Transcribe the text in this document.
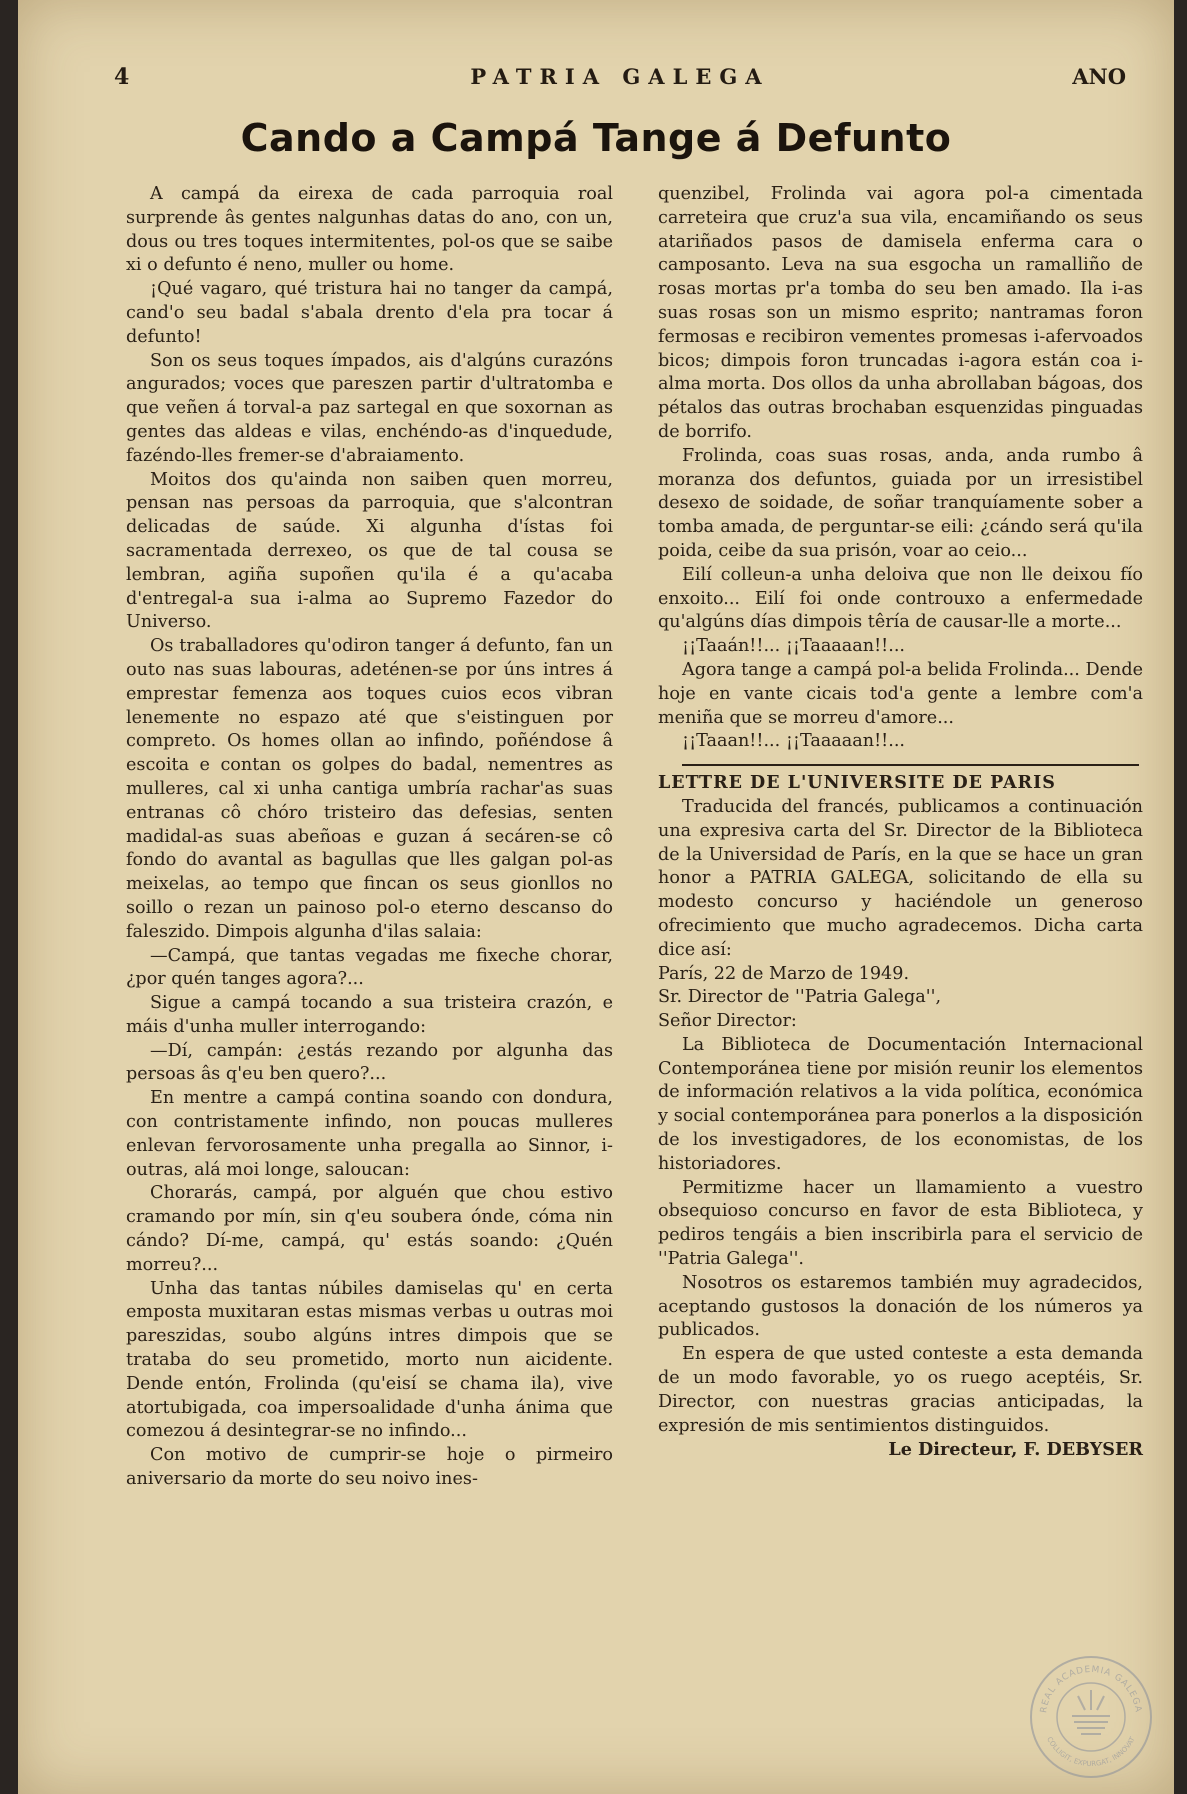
4	PATRIA GALEGA	ANO
Cando a Campá Tange á Defunto

A campá da eirexa de cada parroquia roal surprende âs gentes nalgunhas datas do ano, con un, dous ou tres toques intermitentes, pol-os que se saibe xi o defunto é neno, muller ou home.

¡Qué vagaro, qué tristura hai no tanger da campá, cand'o seu badal s'abala drento d'ela pra tocar á defunto!

Son os seus toques ímpados, ais d'algúns curazóns angurados; voces que pareszen partir d'ultratomba e que veñen á torval-a paz sartegal en que soxornan as gentes das aldeas e vilas, enchéndo-as d'inquedude, fazéndo-lles fremer-se d'abraiamento.

Moitos dos qu'ainda non saiben quen morreu, pensan nas persoas da parroquia, que s'alcontran delicadas de saúde. Xi algunha d'ístas foi sacramentada derrexeo, os que de tal cousa se lembran, agiña supoñen qu'ila é a qu'acaba d'entregal-a sua i-alma ao Supremo Fazedor do Universo.

Os traballadores qu'odiron tanger á defunto, fan un outo nas suas labouras, adeténen-se por úns intres á emprestar femenza aos toques cuios ecos vibran lenemente no espazo até que s'eistinguen por compreto. Os homes ollan ao infindo, poñéndose â escoita e contan os golpes do badal, nementres as mulleres, cal xi unha cantiga umbría rachar'as suas entranas cô chóro tristeiro das defesias, senten madidal-as suas abeñoas e guzan á secáren-se cô fondo do avantal as bagullas que lles galgan pol-as meixelas, ao tempo que fincan os seus gionllos no soillo o rezan un painoso pol-o eterno descanso do faleszido. Dimpois algunha d'ilas salaia:

—Campá, que tantas vegadas me fixeche chorar, ¿por quén tanges agora?...

Sigue a campá tocando a sua tristeira crazón, e máis d'unha muller interrogando:

—Dí, campán: ¿estás rezando por algunha das persoas âs q'eu ben quero?...

En mentre a campá contina soando con dondura, con contristamente infindo, non poucas mulleres enlevan fervorosamente unha pregalla ao Sinnor, i-outras, alá moi longe, saloucan:

Chorarás, campá, por alguén que chou estivo cramando por mín, sin q'eu soubera ónde, cóma nin cándo? Dí-me, campá, qu' estás soando: ¿Quén morreu?...

Unha das tantas núbiles damiselas qu' en certa emposta muxitaran estas mismas verbas u outras moi pareszidas, soubo algúns intres dimpois que se trataba do seu prometido, morto nun aicidente. Dende entón, Frolinda (qu'eisí se chama ila), vive atortubigada, coa impersoalidade d'unha ánima que comezou á desintegrar-se no infindo...

Con motivo de cumprir-se hoje o pirmeiro aniversario da morte do seu noivo ines-

quenzibel, Frolinda vai agora pol-a cimentada carreteira que cruz'a sua vila, encamiñando os seus atariñados pasos de damisela enferma cara o camposanto. Leva na sua esgocha un ramalliño de rosas mortas pr'a tomba do seu ben amado. Ila i-as suas rosas son un mismo esprito; nantramas foron fermosas e recibiron vementes promesas i-afervoados bicos; dimpois foron truncadas i-agora están coa i-alma morta. Dos ollos da unha abrollaban bágoas, dos pétalos das outras brochaban esquenzidas pinguadas de borrifo.

Frolinda, coas suas rosas, anda, anda rumbo â moranza dos defuntos, guiada por un irresistibel desexo de soidade, de soñar tranquíamente sober a tomba amada, de perguntar-se eili: ¿cándo será qu'ila poida, ceibe da sua prisón, voar ao ceio...

Eilí colleun-a unha deloiva que non lle deixou fío enxoito... Eilí foi onde controuxo a enfermedade qu'algúns días dimpois têría de causar-lle a morte...

¡¡Taaán!!... ¡¡Taaaaan!!...

Agora tange a campá pol-a belida Frolinda... Dende hoje en vante cicais tod'a gente a lembre com'a meniña que se morreu d'amore...

¡¡Taaan!!... ¡¡Taaaaan!!...

LETTRE DE L'UNIVERSITE DE PARIS

Traducida del francés, publicamos a continuación una expresiva carta del Sr. Director de la Biblioteca de la Universidad de París, en la que se hace un gran honor a PATRIA GALEGA, solicitando de ella su modesto concurso y haciéndole un generoso ofrecimiento que mucho agradecemos. Dicha carta dice así:

París, 22 de Marzo de 1949.

Sr. Director de ''Patria Galega'',

Señor Director:

La Biblioteca de Documentación Internacional Contemporánea tiene por misión reunir los elementos de información relativos a la vida política, económica y social contemporánea para ponerlos a la disposición de los investigadores, de los economistas, de los historiadores.

Permitizme hacer un llamamiento a vuestro obsequioso concurso en favor de esta Biblioteca, y pediros tengáis a bien inscribirla para el servicio de ''Patria Galega''.

Nosotros os estaremos también muy agradecidos, aceptando gustosos la donación de los números ya publicados.

En espera de que usted conteste a esta demanda de un modo favorable, yo os ruego aceptéis, Sr. Director, con nuestras gracias anticipadas, la expresión de mis sentimientos distinguidos.

Le Directeur, F. DEBYSER

REAL ACADEMIA GALEGA
COLLIGIT, EXPURGAT, INNOVAT
